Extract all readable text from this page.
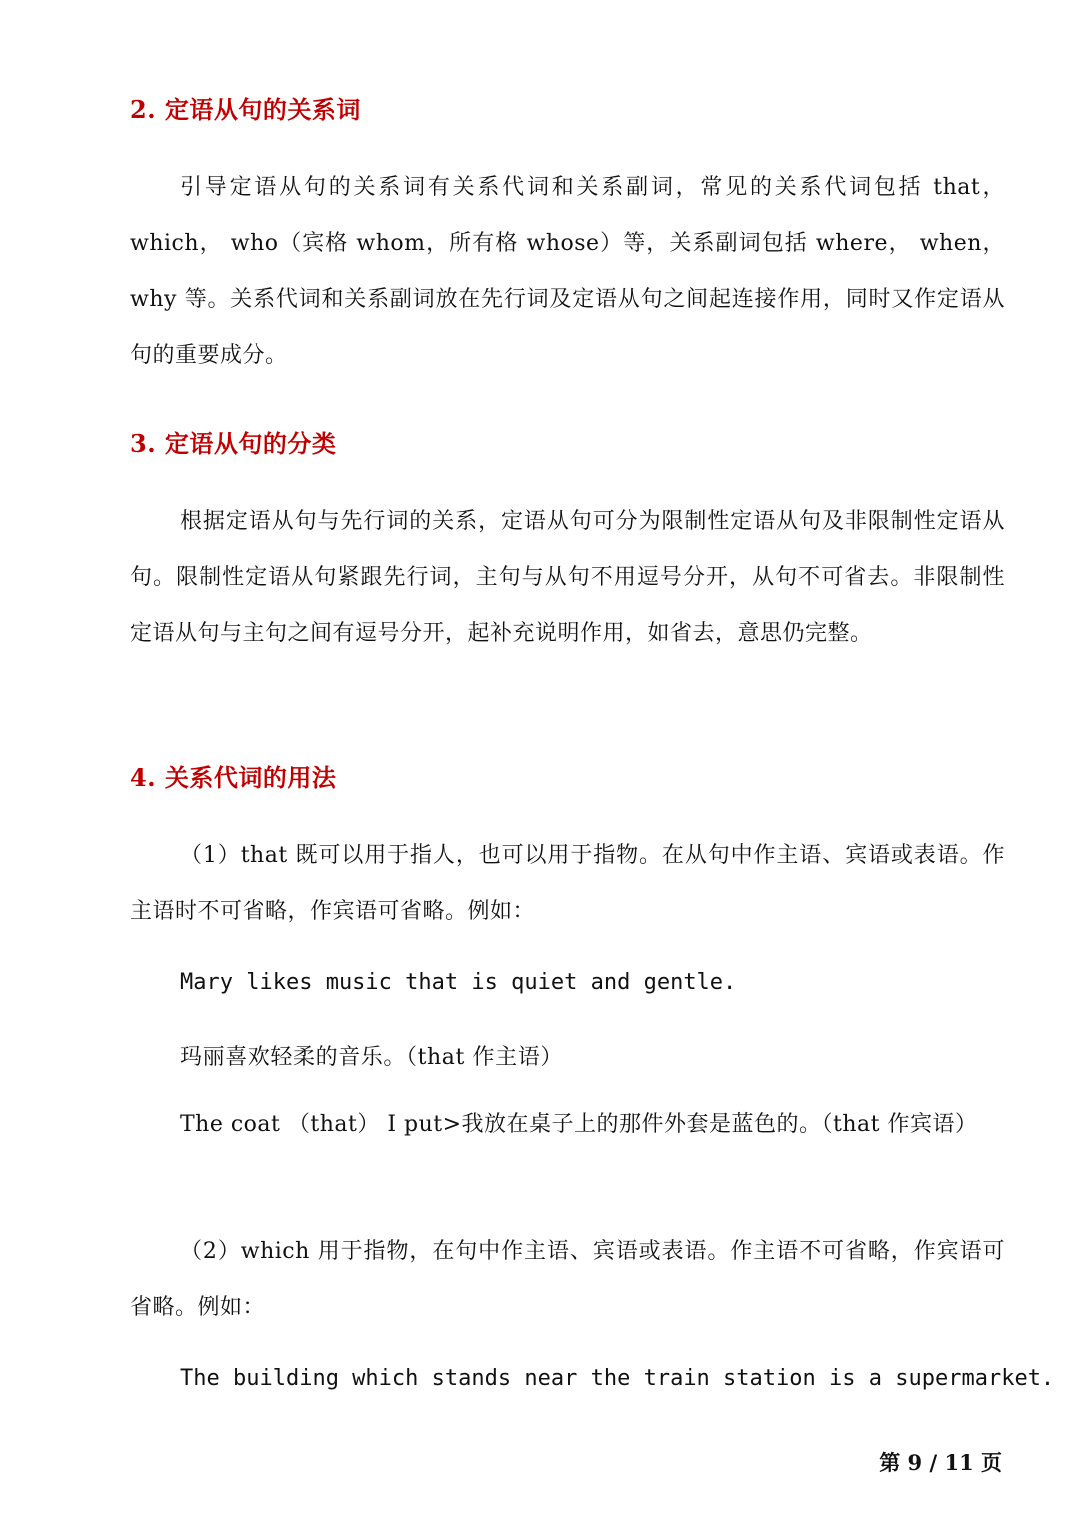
2. 定语从句的关系词
引导定语从句的关系词有关系代词和关系副词，常见的关系代词包括 that， which， who（宾格 whom，所有格 whose）等，关系副词包括 where， when， why 等。关系代词和关系副词放在先行词及定语从句之间起连接作用，同时又作定语从句的重要成分。
3. 定语从句的分类
根据定语从句与先行词的关系，定语从句可分为限制性定语从句及非限制性定语从句。限制性定语从句紧跟先行词，主句与从句不用逗号分开，从句不可省去。非限制性定语从句与主句之间有逗号分开，起补充说明作用，如省去，意思仍完整。
4. 关系代词的用法
（1）that 既可以用于指人，也可以用于指物。在从句中作主语、宾语或表语。作主语时不可省略，作宾语可省略。例如：
Mary likes music that is quiet and gentle.
玛丽喜欢轻柔的音乐。（that 作主语）
The coat （that） I put>我放在桌子上的那件外套是蓝色的。（that 作宾语）
（2）which 用于指物，在句中作主语、宾语或表语。作主语不可省略，作宾语可省略。例如：
The building which stands near the train station is a supermarket.
第 9 / 11 页
